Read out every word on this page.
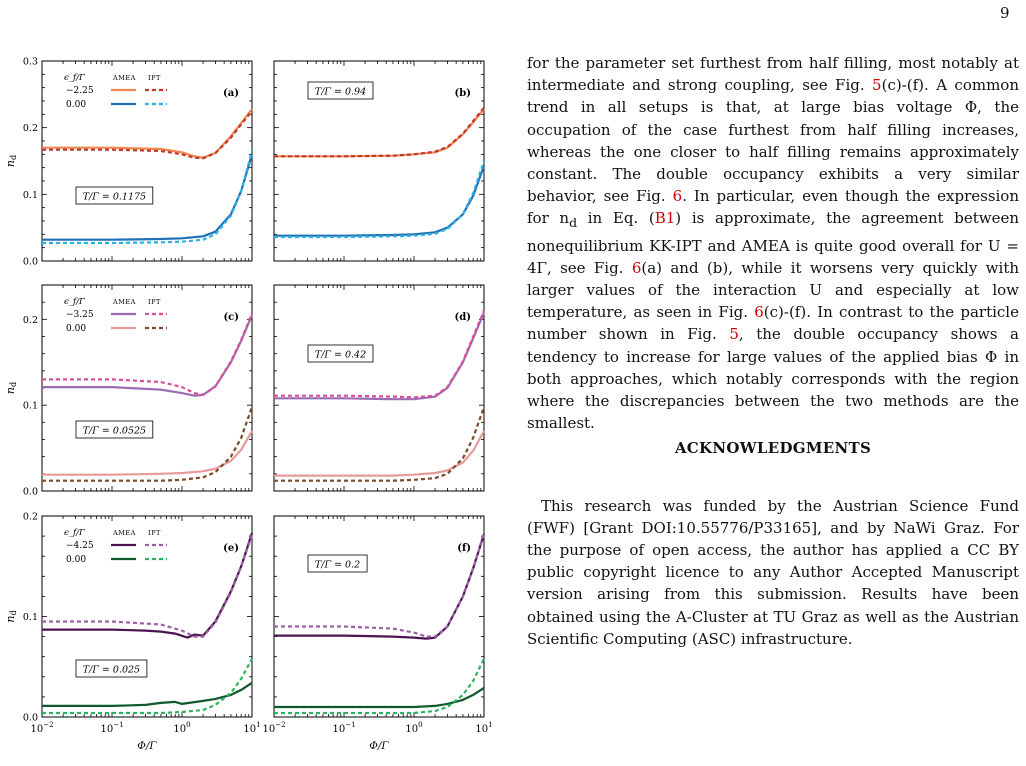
9
0.0
0.1
0.2
0.3
nd
(a)
T/Γ = 0.1175
ϵ_f/Γ	AMEA IPT
−2.25
0.00
(b)
T/Γ = 0.94
0.0
0.1
0.2
nd
(c)
T/Γ = 0.0525
ϵ_f/Γ	AMEA IPT
−3.25
0.00
(d)
T/Γ = 0.42
0.0
0.1
0.2
nd
$10^{-2}$	$10^{-1}$	$10^0$	$10^1$
Φ/Γ
(e)
T/Γ = 0.025
ϵ_f/Γ	AMEA IPT
−4.25
0.00
$10^{-2}$	$10^{-1}$	$10^0$	$10^1$
Φ/Γ
(f)
T/Γ = 0.2

for the parameter set furthest from half filling, most notably at intermediate and strong coupling, see Fig. 5(c)-(f). A common trend in all setups is that, at large bias voltage Φ, the occupation of the case furthest from half filling increases, whereas the one closer to half filling remains approximately constant. The double occupancy exhibits a very similar behavior, see Fig. 6. In particular, even though the expression for $n_d$ in Eq. (B1) is approximate, the agreement between nonequilibrium KK-IPT and AMEA is quite good overall for U = 4Γ, see Fig. 6(a) and (b), while it worsens very quickly with larger values of the interaction U and especially at low temperature, as seen in Fig. 6(c)-(f). In contrast to the particle number shown in Fig. 5, the double occupancy shows a tendency to increase for large values of the applied bias Φ in both approaches, which notably corresponds with the region where the discrepancies between the two methods are the smallest.

ACKNOWLEDGMENTS

This research was funded by the Austrian Science Fund (FWF) [Grant DOI:10.55776/P33165], and by NaWi Graz. For the purpose of open access, the author has applied a CC BY public copyright licence to any Author Accepted Manuscript version arising from this submission. Results have been obtained using the A-Cluster at TU Graz as well as the Austrian Scientific Computing (ASC) infrastructure.
